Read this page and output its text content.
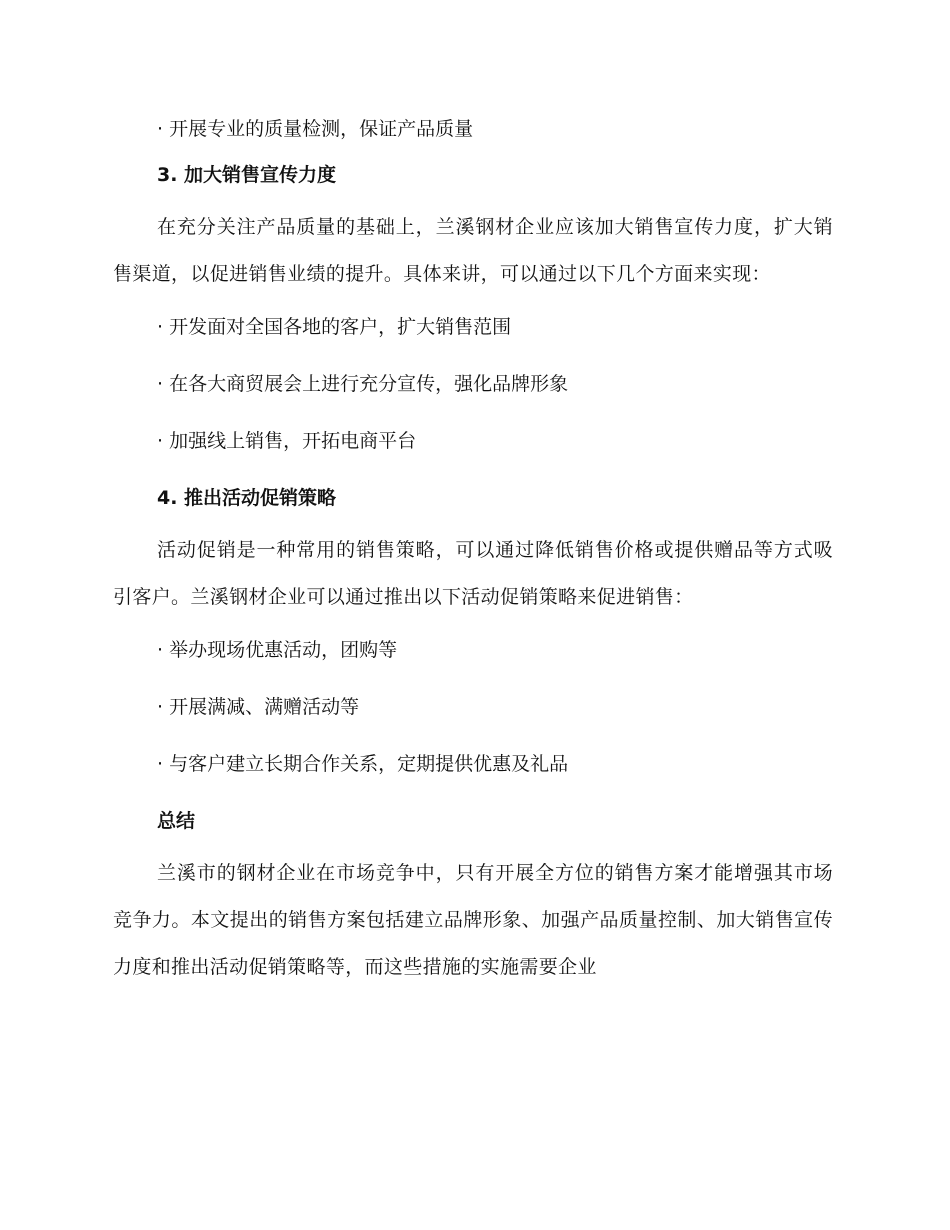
· 开展专业的质量检测，保证产品质量

3. 加大销售宣传力度

在充分关注产品质量的基础上，兰溪钢材企业应该加大销售宣传力度，扩大销售渠道，以促进销售业绩的提升。具体来讲，可以通过以下几个方面来实现：

· 开发面对全国各地的客户，扩大销售范围

· 在各大商贸展会上进行充分宣传，强化品牌形象

· 加强线上销售，开拓电商平台

4. 推出活动促销策略

活动促销是一种常用的销售策略，可以通过降低销售价格或提供赠品等方式吸引客户。兰溪钢材企业可以通过推出以下活动促销策略来促进销售：

· 举办现场优惠活动，团购等

· 开展满减、满赠活动等

· 与客户建立长期合作关系，定期提供优惠及礼品

总结

兰溪市的钢材企业在市场竞争中，只有开展全方位的销售方案才能增强其市场竞争力。本文提出的销售方案包括建立品牌形象、加强产品质量控制、加大销售宣传力度和推出活动促销策略等，而这些措施的实施需要企业
